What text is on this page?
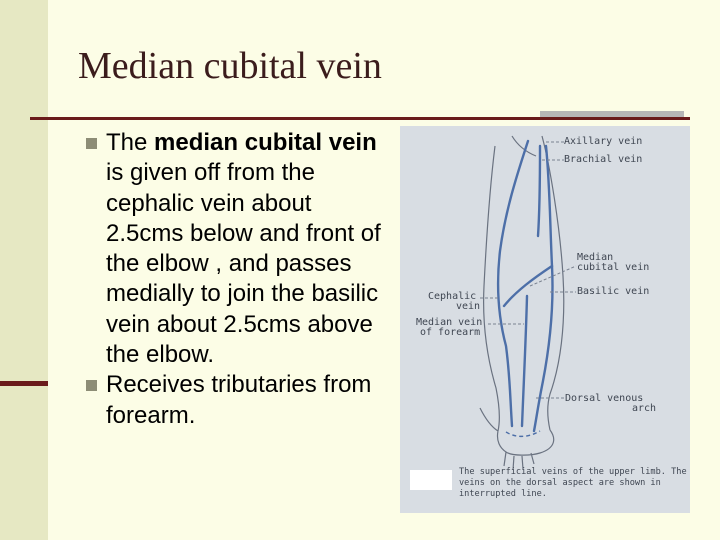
Median cubital vein
The median cubital vein is given off from the cephalic vein about 2.5cms below and front of the elbow , and passes medially to join the basilic vein about 2.5cms above the elbow.
Receives tributaries from forearm.
Axillary vein
Brachial vein
Median
cubital vein
Basilic vein
Cephalic
vein
Median vein
of forearm
Dorsal venous
arch
The superficial veins of the upper limb. The
veins on the dorsal aspect are shown in
interrupted line.
